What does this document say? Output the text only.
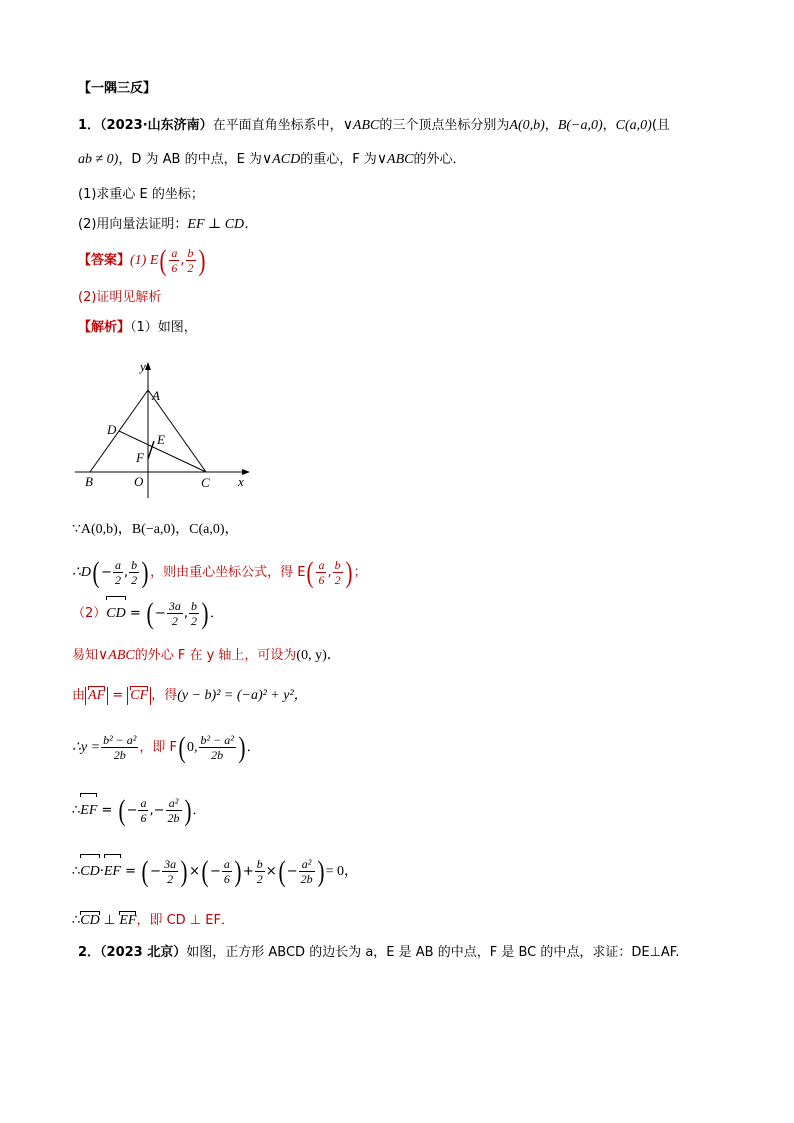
【一隅三反】
1．（2023·山东济南）在平面直角坐标系中，∨ABC的三个顶点坐标分别为A(0,b)，B(−a,0)，C(a,0)(且
ab ≠ 0)，D 为 AB 的中点，E 为∨ACD的重心，F 为∨ABC的外心．
(1)求重心 E 的坐标；
(2)用向量法证明：EF ⊥ CD．
【答案】(1) $E( \frac{a}{6}$ , $\frac{b}{2}$ )
(2)证明见解析
【解析】（1）如图，
y
x
A
B	C
D
E
F
O
∵A(0,b)，B(−a,0)，C(a,0)，
∴D( − $\frac{a}{2}$ , $\frac{b}{2}$ ) ，则由重心坐标公式，得 $E( \frac{a}{6}$ , $\frac{b}{2}$ ) ；
（2）CD = ( − $\frac{3a}{2}$ , $\frac{b}{2}$ ) ．
易知∨ABC的外心 F 在 y 轴上，可设为(0, y)．
由 AF = CF ，得(y − b)² = (−a)² + y²，
∴y = $\frac{\text{b² − a²}}{2b}$ ，即 F( 0, $\frac{\text{b² − a²}}{2b}$ ) ．
∴EF = ( − $\frac{a}{6}$ ,− $\frac{\text{a²}}{2b}$ ) ．
∴CD·EF = ( − $\frac{3a}{2}$ ) ×( − $\frac{a}{6}$ ) + $\frac{b}{2}$ ×( − $\frac{\text{a²}}{2b}$ ) = 0，
∴CD ⊥ EF，即 CD ⊥ EF．
2．（2023 北京）如图，正方形 ABCD 的边长为 a，E 是 AB 的中点，F 是 BC 的中点，求证：DE⊥AF.
